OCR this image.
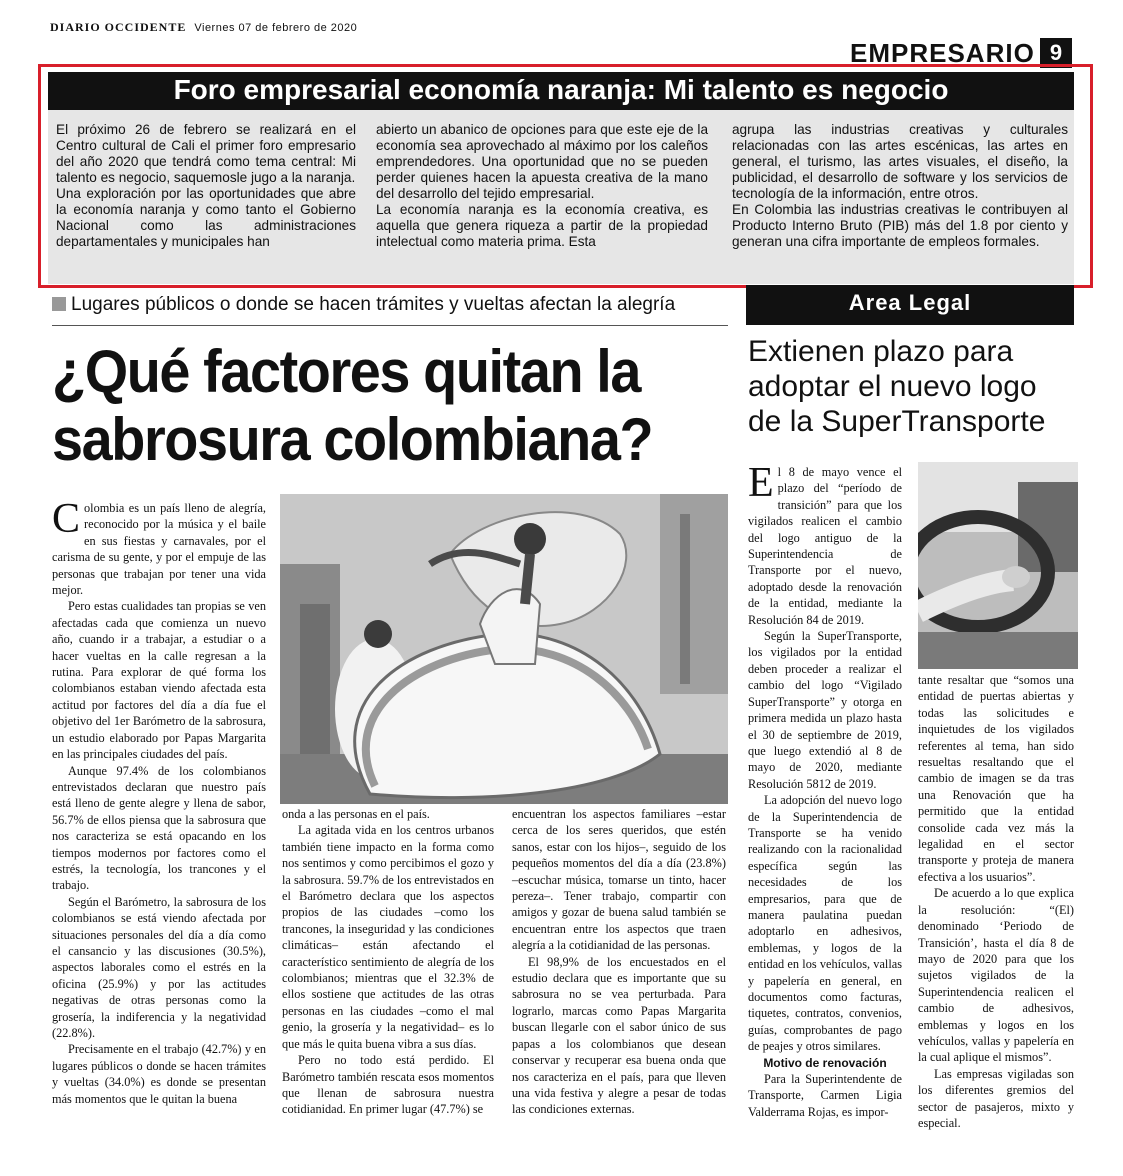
DIARIO OCCIDENTE Viernes 07 de febrero de 2020
EMPRESARIO 9
Foro empresarial economía naranja: Mi talento es negocio

El próximo 26 de febrero se realizará en el Centro cultural de Cali el primer foro empresario del año 2020 que tendrá como tema central: Mi talento es negocio, saquemosle jugo a la naranja.

Una exploración por las oportunidades que abre la economía naranja y como tanto el Gobierno Nacional como las administraciones departamentales y municipales han

abierto un abanico de opciones para que este eje de la economía sea aprovechado al máximo por los caleños emprendedores. Una oportunidad que no se pueden perder quienes hacen la apuesta creativa de la mano del desarrollo del tejido empresarial.

La economía naranja es la economía creativa, es aquella que genera riqueza a partir de la propiedad intelectual como materia prima. Esta

agrupa las industrias creativas y culturales relacionadas con las artes escénicas, las artes en general, el turismo, las artes visuales, el diseño, la publicidad, el desarrollo de software y los servicios de tecnología de la información, entre otros.

En Colombia las industrias creativas le contribuyen al Producto Interno Bruto (PIB) más del 1.8 por ciento y generan una cifra importante de empleos formales.

Lugares públicos o donde se hacen trámites y vueltas afectan la alegría
¿Qué factores quitan la sabrosura colombiana?

Colombia es un país lleno de alegría, reconocido por la música y el baile en sus fiestas y carnavales, por el carisma de su gente, y por el empuje de las personas que trabajan por tener una vida mejor.

Pero estas cualidades tan propias se ven afectadas cada que comienza un nuevo año, cuando ir a trabajar, a estudiar o a hacer vueltas en la calle regresan a la rutina. Para explorar de qué forma los colombianos estaban viendo afectada esta actitud por factores del día a día fue el objetivo del 1er Barómetro de la sabrosura, un estudio elaborado por Papas Margarita en las principales ciudades del país.

Aunque 97.4% de los colombianos entrevistados declaran que nuestro país está lleno de gente alegre y llena de sabor, 56.7% de ellos piensa que la sabrosura que nos caracteriza se está opacando en los tiempos modernos por factores como el estrés, la tecnología, los trancones y el trabajo.

Según el Barómetro, la sabrosura de los colombianos se está viendo afectada por situaciones personales del día a día como el cansancio y las discusiones (30.5%), aspectos laborales como el estrés en la oficina (25.9%) y por las actitudes negativas de otras personas como la grosería, la indiferencia y la negatividad (22.8%).

Precisamente en el trabajo (42.7%) y en lugares públicos o donde se hacen trámites y vueltas (34.0%) es donde se presentan más momentos que le quitan la buena

onda a las personas en el país.

La agitada vida en los centros urbanos también tiene impacto en la forma como nos sentimos y como percibimos el gozo y la sabrosura. 59.7% de los entrevistados en el Barómetro declara que los aspectos propios de las ciudades –como los trancones, la inseguridad y las condiciones climáticas– están afectando el característico sentimiento de alegría de los colombianos; mientras que el 32.3% de ellos sostiene que actitudes de las otras personas en las ciudades –como el mal genio, la grosería y la negatividad– es lo que más le quita buena vibra a sus días.

Pero no todo está perdido. El Barómetro también rescata esos momentos que llenan de sabrosura nuestra cotidianidad. En primer lugar (47.7%) se

encuentran los aspectos familiares –estar cerca de los seres queridos, que estén sanos, estar con los hijos–, seguido de los pequeños momentos del día a día (23.8%) –escuchar música, tomarse un tinto, hacer pereza–. Tener trabajo, compartir con amigos y gozar de buena salud también se encuentran entre los aspectos que traen alegría a la cotidianidad de las personas.

El 98,9% de los encuestados en el estudio declara que es importante que su sabrosura no se vea perturbada. Para lograrlo, marcas como Papas Margarita buscan llegarle con el sabor único de sus papas a los colombianos que desean conservar y recuperar esa buena onda que nos caracteriza en el país, para que lleven una vida festiva y alegre a pesar de todas las condiciones externas.

Area Legal
Extienen plazo para adoptar el nuevo logo de la SuperTransporte

El 8 de mayo vence el plazo del “período de transición” para que los vigilados realicen el cambio del logo antiguo de la Superintendencia de Transporte por el nuevo, adoptado desde la renovación de la entidad, mediante la Resolución 84 de 2019.

Según la SuperTransporte, los vigilados por la entidad deben proceder a realizar el cambio del logo “Vigilado SuperTransporte” y otorga en primera medida un plazo hasta el 30 de septiembre de 2019, que luego extendió al 8 de mayo de 2020, mediante Resolución 5812 de 2019.

La adopción del nuevo logo de la Superintendencia de Transporte se ha venido realizando con la racionalidad específica según las necesidades de los empresarios, para que de manera paulatina puedan adoptarlo en adhesivos, emblemas, y logos de la entidad en los vehículos, vallas y papelería en general, en documentos como facturas, tiquetes, contratos, convenios, guías, comprobantes de pago de peajes y otros similares.

Motivo de renovación

Para la Superintendente de Transporte, Carmen Ligia Valderrama Rojas, es impor-

tante resaltar que “somos una entidad de puertas abiertas y todas las solicitudes e inquietudes de los vigilados referentes al tema, han sido resueltas resaltando que el cambio de imagen se da tras una Renovación que ha permitido que la entidad consolide cada vez más la legalidad en el sector transporte y proteja de manera efectiva a los usuarios”.

De acuerdo a lo que explica la resolución: “(El) denominado ‘Periodo de Transición’, hasta el día 8 de mayo de 2020 para que los sujetos vigilados de la Superintendencia realicen el cambio de adhesivos, emblemas y logos en los vehículos, vallas y papelería en la cual aplique el mismos”.

Las empresas vigiladas son los diferentes gremios del sector de pasajeros, mixto y especial.
